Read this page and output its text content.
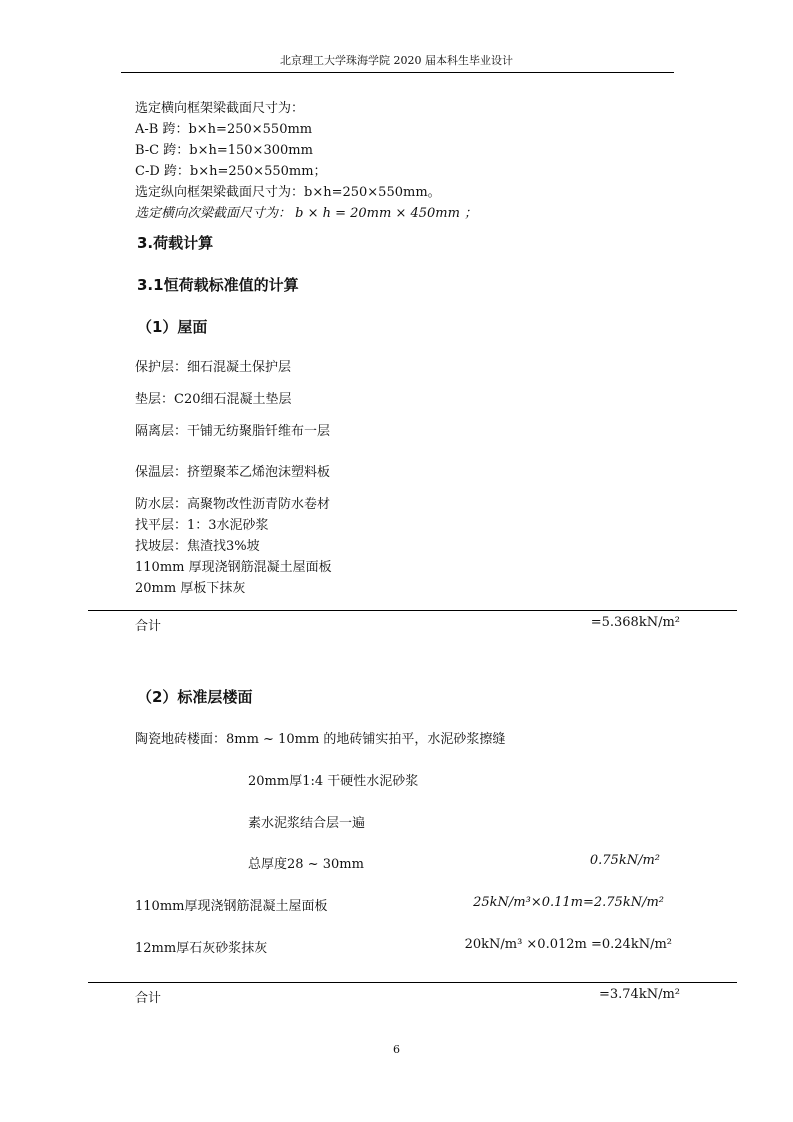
北京理工大学珠海学院 2020 届本科生毕业设计
选定横向框架梁截面尺寸为：
A-B 跨：b×h=250×550mm
B-C 跨：b×h=150×300mm
C-D 跨：b×h=250×550mm；
选定纵向框架梁截面尺寸为：b×h=250×550mm。
选定横向次梁截面尺寸为： b × h = 20mm × 450mm ；
3.荷载计算
3.1恒荷载标准值的计算
（1）屋面
保护层：细石混凝土保护层
垫层：C20细石混凝土垫层
隔离层：干铺无纺聚脂钎维布一层
保温层：挤塑聚苯乙烯泡沫塑料板
防水层：高聚物改性沥青防水卷材
找平层：1：3水泥砂浆
找坡层：焦渣找3%坡
110mm 厚现浇钢筋混凝土屋面板
20mm 厚板下抹灰
合计	=5.368kN/m²
（2）标准层楼面
陶瓷地砖楼面：8mm ~ 10mm 的地砖铺实拍平，水泥砂浆擦缝
20mm厚1:4 干硬性水泥砂浆
素水泥浆结合层一遍
总厚度28 ~ 30mm	0.75kN/m²
110mm厚现浇钢筋混凝土屋面板	25kN/m³×0.11m=2.75kN/m²
12mm厚石灰砂浆抹灰	20kN/m³ ×0.012m =0.24kN/m²
合计	=3.74kN/m²
6
